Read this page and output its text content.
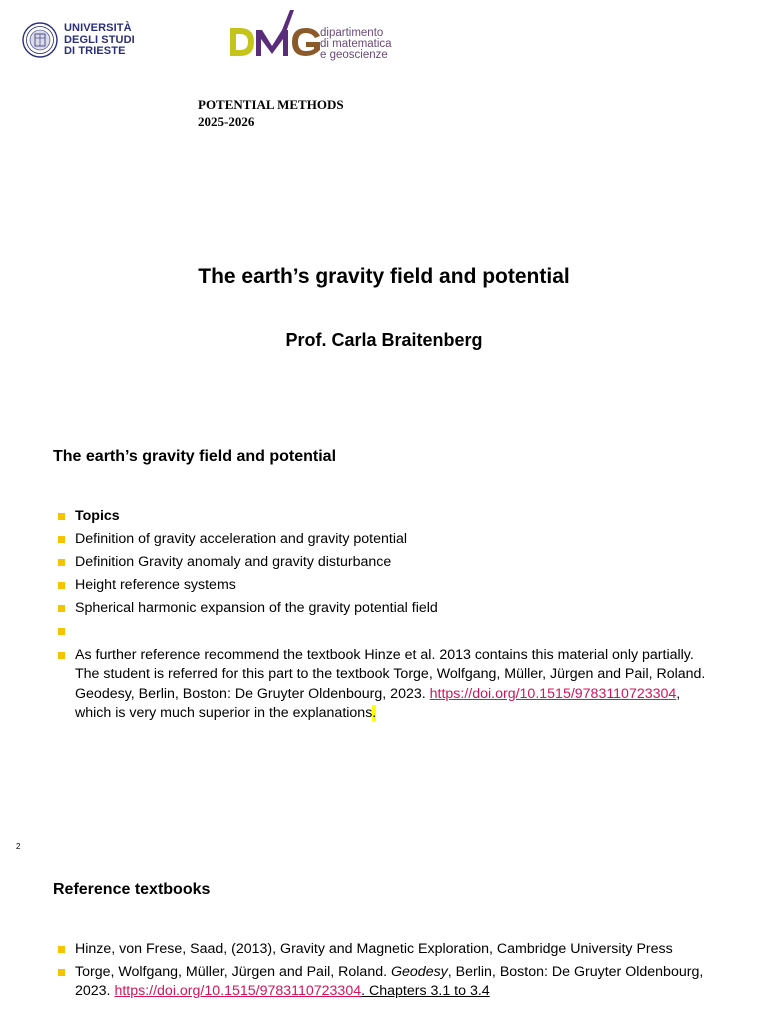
UNIVERSITÀ
DEGLI STUDI
DI TRIESTE
dipartimento
di matematica
e geoscienze
POTENTIAL METHODS
2025-2026
The earth’s gravity field and potential
Prof. Carla Braitenberg
The earth’s gravity field and potential
Topics
Definition of gravity acceleration and gravity potential
Definition Gravity anomaly and gravity disturbance
Height reference systems
Spherical harmonic expansion of the gravity potential field

As further reference recommend the textbook Hinze et al. 2013 contains this material only partially. The student is referred for this part to the textbook Torge, Wolfgang, Müller, Jürgen and Pail, Roland. Geodesy, Berlin, Boston: De Gruyter Oldenbourg, 2023. https://doi.org/10.1515/9783110723304, which is very much superior in the explanations.
2
Reference textbooks
Hinze, von Frese, Saad, (2013), Gravity and Magnetic Exploration, Cambridge University Press
Torge, Wolfgang, Müller, Jürgen and Pail, Roland. Geodesy, Berlin, Boston: De Gruyter Oldenbourg, 2023. https://doi.org/10.1515/9783110723304. Chapters 3.1 to 3.4
